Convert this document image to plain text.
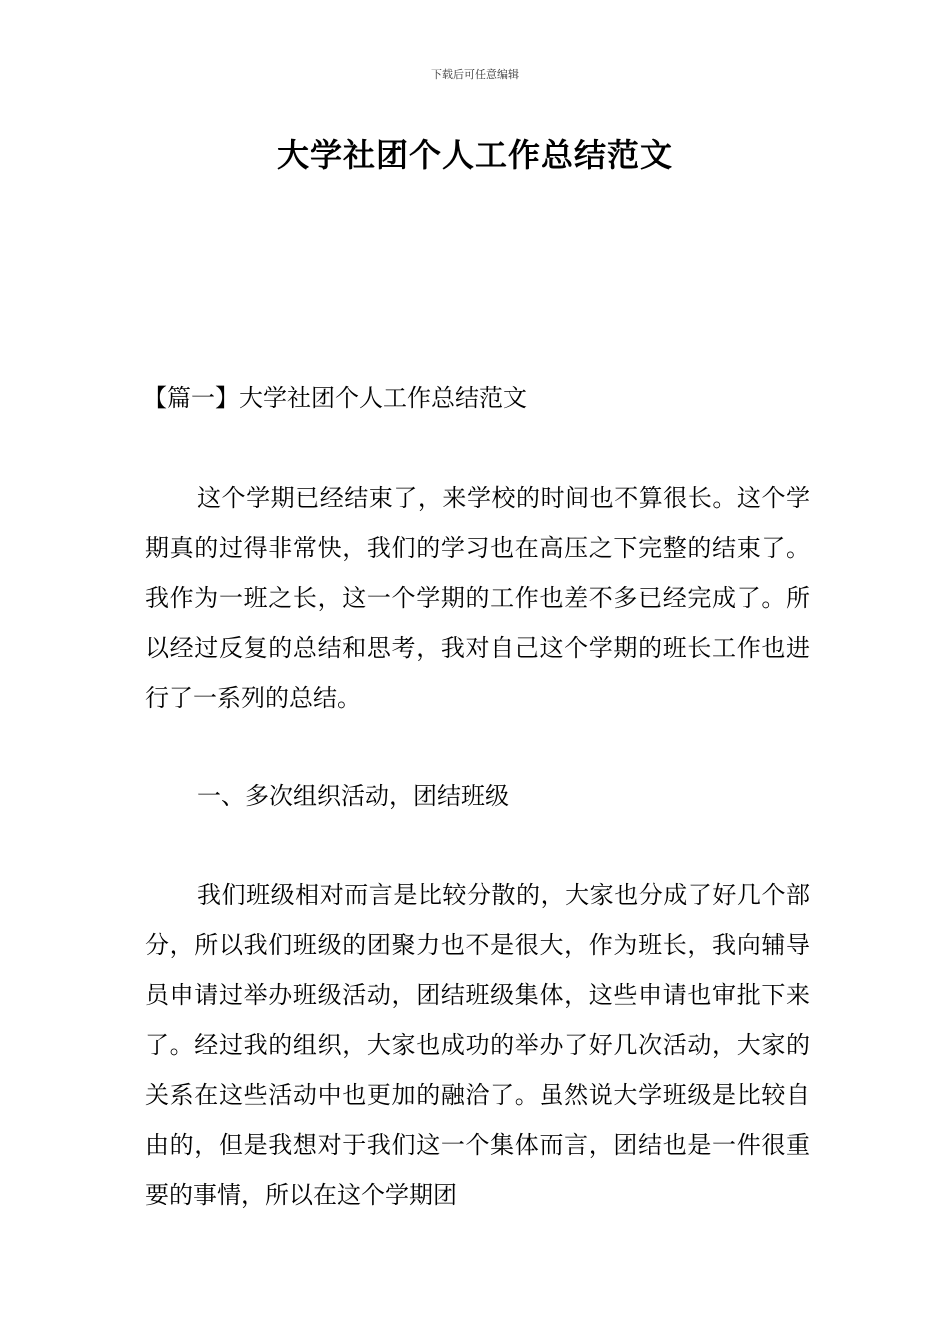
下载后可任意编辑
大学社团个人工作总结范文
【篇一】大学社团个人工作总结范文

这个学期已经结束了，来学校的时间也不算很长。这个学期真的过得非常快，我们的学习也在高压之下完整的结束了。我作为一班之长，这一个学期的工作也差不多已经完成了。所以经过反复的总结和思考，我对自己这个学期的班长工作也进行了一系列的总结。

一、多次组织活动，团结班级

我们班级相对而言是比较分散的，大家也分成了好几个部分，所以我们班级的团聚力也不是很大，作为班长，我向辅导员申请过举办班级活动，团结班级集体，这些申请也审批下来了。经过我的组织，大家也成功的举办了好几次活动，大家的关系在这些活动中也更加的融洽了。虽然说大学班级是比较自由的，但是我想对于我们这一个集体而言，团结也是一件很重要的事情，所以在这个学期团
